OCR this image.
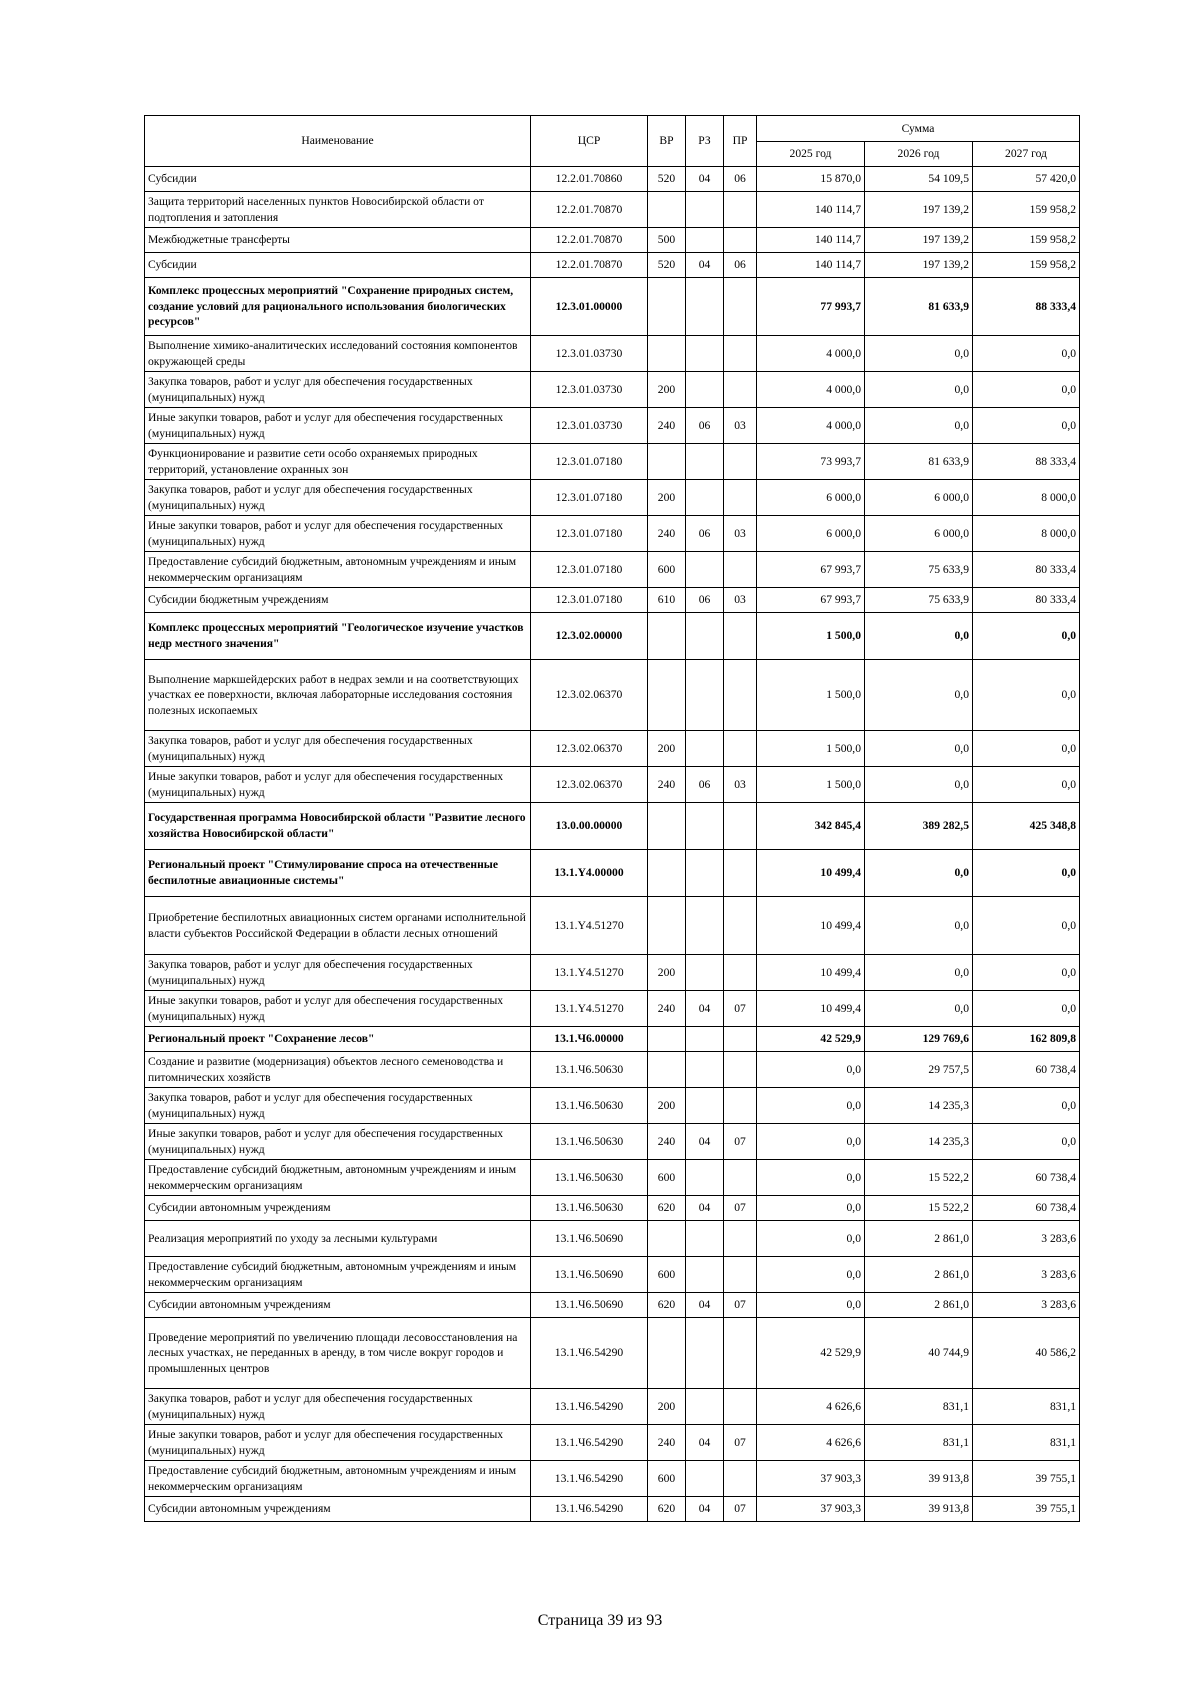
Наименование	ЦСР	ВР	РЗ	ПР	Сумма		
					2025 год	2026 год	2027 год
Субсидии	12.2.01.70860	520	04	06	15 870,0	54 109,5	57 420,0
Защита территорий населенных пунктов Новосибирской области от подтопления и затопления	12.2.01.70870				140 114,7	197 139,2	159 958,2
Межбюджетные трансферты	12.2.01.70870	500			140 114,7	197 139,2	159 958,2
Субсидии	12.2.01.70870	520	04	06	140 114,7	197 139,2	159 958,2
Комплекс процессных мероприятий "Сохранение природных систем, создание условий для рационального использования биологических ресурсов"	12.3.01.00000				77 993,7	81 633,9	88 333,4
Выполнение химико-аналитических исследований состояния компонентов окружающей среды	12.3.01.03730				4 000,0	0,0	0,0
Закупка товаров, работ и услуг для обеспечения государственных (муниципальных) нужд	12.3.01.03730	200			4 000,0	0,0	0,0
Иные закупки товаров, работ и услуг для обеспечения государственных (муниципальных) нужд	12.3.01.03730	240	06	03	4 000,0	0,0	0,0
Функционирование и развитие сети особо охраняемых природных территорий, установление охранных зон	12.3.01.07180				73 993,7	81 633,9	88 333,4
Закупка товаров, работ и услуг для обеспечения государственных (муниципальных) нужд	12.3.01.07180	200			6 000,0	6 000,0	8 000,0
Иные закупки товаров, работ и услуг для обеспечения государственных (муниципальных) нужд	12.3.01.07180	240	06	03	6 000,0	6 000,0	8 000,0
Предоставление субсидий бюджетным, автономным учреждениям и иным некоммерческим организациям	12.3.01.07180	600			67 993,7	75 633,9	80 333,4
Субсидии бюджетным учреждениям	12.3.01.07180	610	06	03	67 993,7	75 633,9	80 333,4
Комплекс процессных мероприятий "Геологическое изучение участков недр местного значения"	12.3.02.00000				1 500,0	0,0	0,0
Выполнение маркшейдерских работ в недрах земли и на соответствующих участках ее поверхности, включая лабораторные исследования состояния полезных ископаемых	12.3.02.06370				1 500,0	0,0	0,0
Закупка товаров, работ и услуг для обеспечения государственных (муниципальных) нужд	12.3.02.06370	200			1 500,0	0,0	0,0
Иные закупки товаров, работ и услуг для обеспечения государственных (муниципальных) нужд	12.3.02.06370	240	06	03	1 500,0	0,0	0,0
Государственная программа Новосибирской области "Развитие лесного хозяйства Новосибирской области"	13.0.00.00000				342 845,4	389 282,5	425 348,8
Региональный проект "Стимулирование спроса на отечественные беспилотные авиационные системы"	13.1.Y4.00000				10 499,4	0,0	0,0
Приобретение беспилотных авиационных систем органами исполнительной власти субъектов Российской Федерации в области лесных отношений	13.1.Y4.51270				10 499,4	0,0	0,0
Закупка товаров, работ и услуг для обеспечения государственных (муниципальных) нужд	13.1.Y4.51270	200			10 499,4	0,0	0,0
Иные закупки товаров, работ и услуг для обеспечения государственных (муниципальных) нужд	13.1.Y4.51270	240	04	07	10 499,4	0,0	0,0
Региональный проект "Сохранение лесов"	13.1.Ч6.00000				42 529,9	129 769,6	162 809,8
Создание и развитие (модернизация) объектов лесного семеноводства и питомнических хозяйств	13.1.Ч6.50630				0,0	29 757,5	60 738,4
Закупка товаров, работ и услуг для обеспечения государственных (муниципальных) нужд	13.1.Ч6.50630	200			0,0	14 235,3	0,0
Иные закупки товаров, работ и услуг для обеспечения государственных (муниципальных) нужд	13.1.Ч6.50630	240	04	07	0,0	14 235,3	0,0
Предоставление субсидий бюджетным, автономным учреждениям и иным некоммерческим организациям	13.1.Ч6.50630	600			0,0	15 522,2	60 738,4
Субсидии автономным учреждениям	13.1.Ч6.50630	620	04	07	0,0	15 522,2	60 738,4
Реализация мероприятий по уходу за лесными культурами	13.1.Ч6.50690				0,0	2 861,0	3 283,6
Предоставление субсидий бюджетным, автономным учреждениям и иным некоммерческим организациям	13.1.Ч6.50690	600			0,0	2 861,0	3 283,6
Субсидии автономным учреждениям	13.1.Ч6.50690	620	04	07	0,0	2 861,0	3 283,6
Проведение мероприятий по увеличению площади лесовосстановления на лесных участках, не переданных в аренду, в том числе вокруг городов и промышленных центров	13.1.Ч6.54290				42 529,9	40 744,9	40 586,2
Закупка товаров, работ и услуг для обеспечения государственных (муниципальных) нужд	13.1.Ч6.54290	200			4 626,6	831,1	831,1
Иные закупки товаров, работ и услуг для обеспечения государственных (муниципальных) нужд	13.1.Ч6.54290	240	04	07	4 626,6	831,1	831,1
Предоставление субсидий бюджетным, автономным учреждениям и иным некоммерческим организациям	13.1.Ч6.54290	600			37 903,3	39 913,8	39 755,1
Субсидии автономным учреждениям	13.1.Ч6.54290	620	04	07	37 903,3	39 913,8	39 755,1
Страница 39 из 93
